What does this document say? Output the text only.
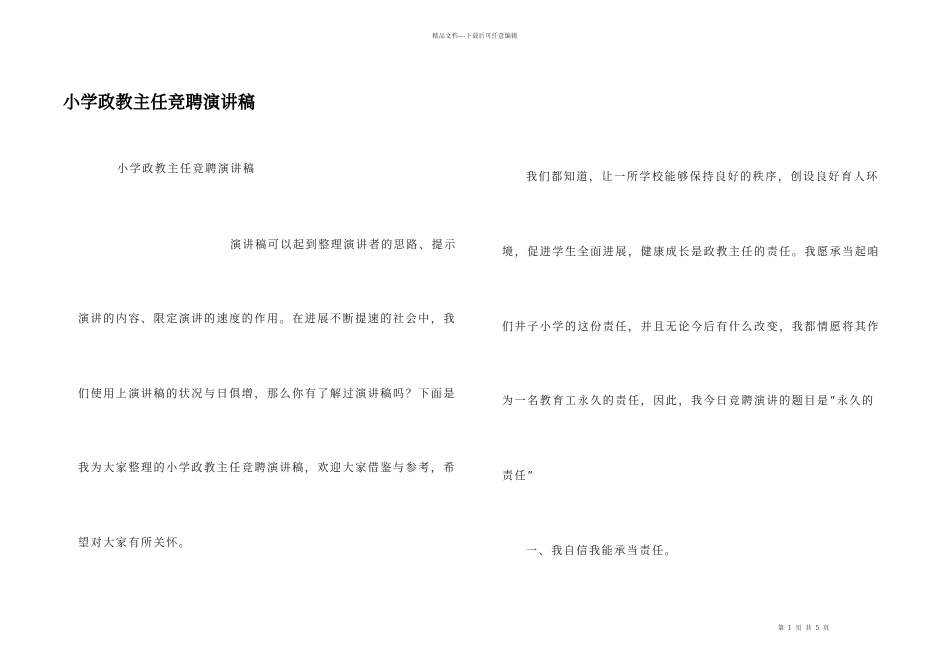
精品文档---下载后可任意编辑
小学政教主任竞聘演讲稿
小学政教主任竞聘演讲稿
演讲稿可以起到整理演讲者的思路、提示
演讲的内容、限定演讲的速度的作用。在进展不断提速的社会中，我
们使用上演讲稿的状况与日俱增，那么你有了解过演讲稿吗？下面是
我为大家整理的小学政教主任竞聘演讲稿，欢迎大家借鉴与参考，希
望对大家有所关怀。
我们都知道，让一所学校能够保持良好的秩序，创设良好育人环
境，促进学生全面进展，健康成长是政教主任的责任。我愿承当起咱
们井子小学的这份责任，并且无论今后有什么改变，我都情愿将其作
为一名教育工永久的责任，因此，我今日竞聘演讲的题目是“永久的
责任”
一、我自信我能承当责任。
第 1 页 共 5 页
